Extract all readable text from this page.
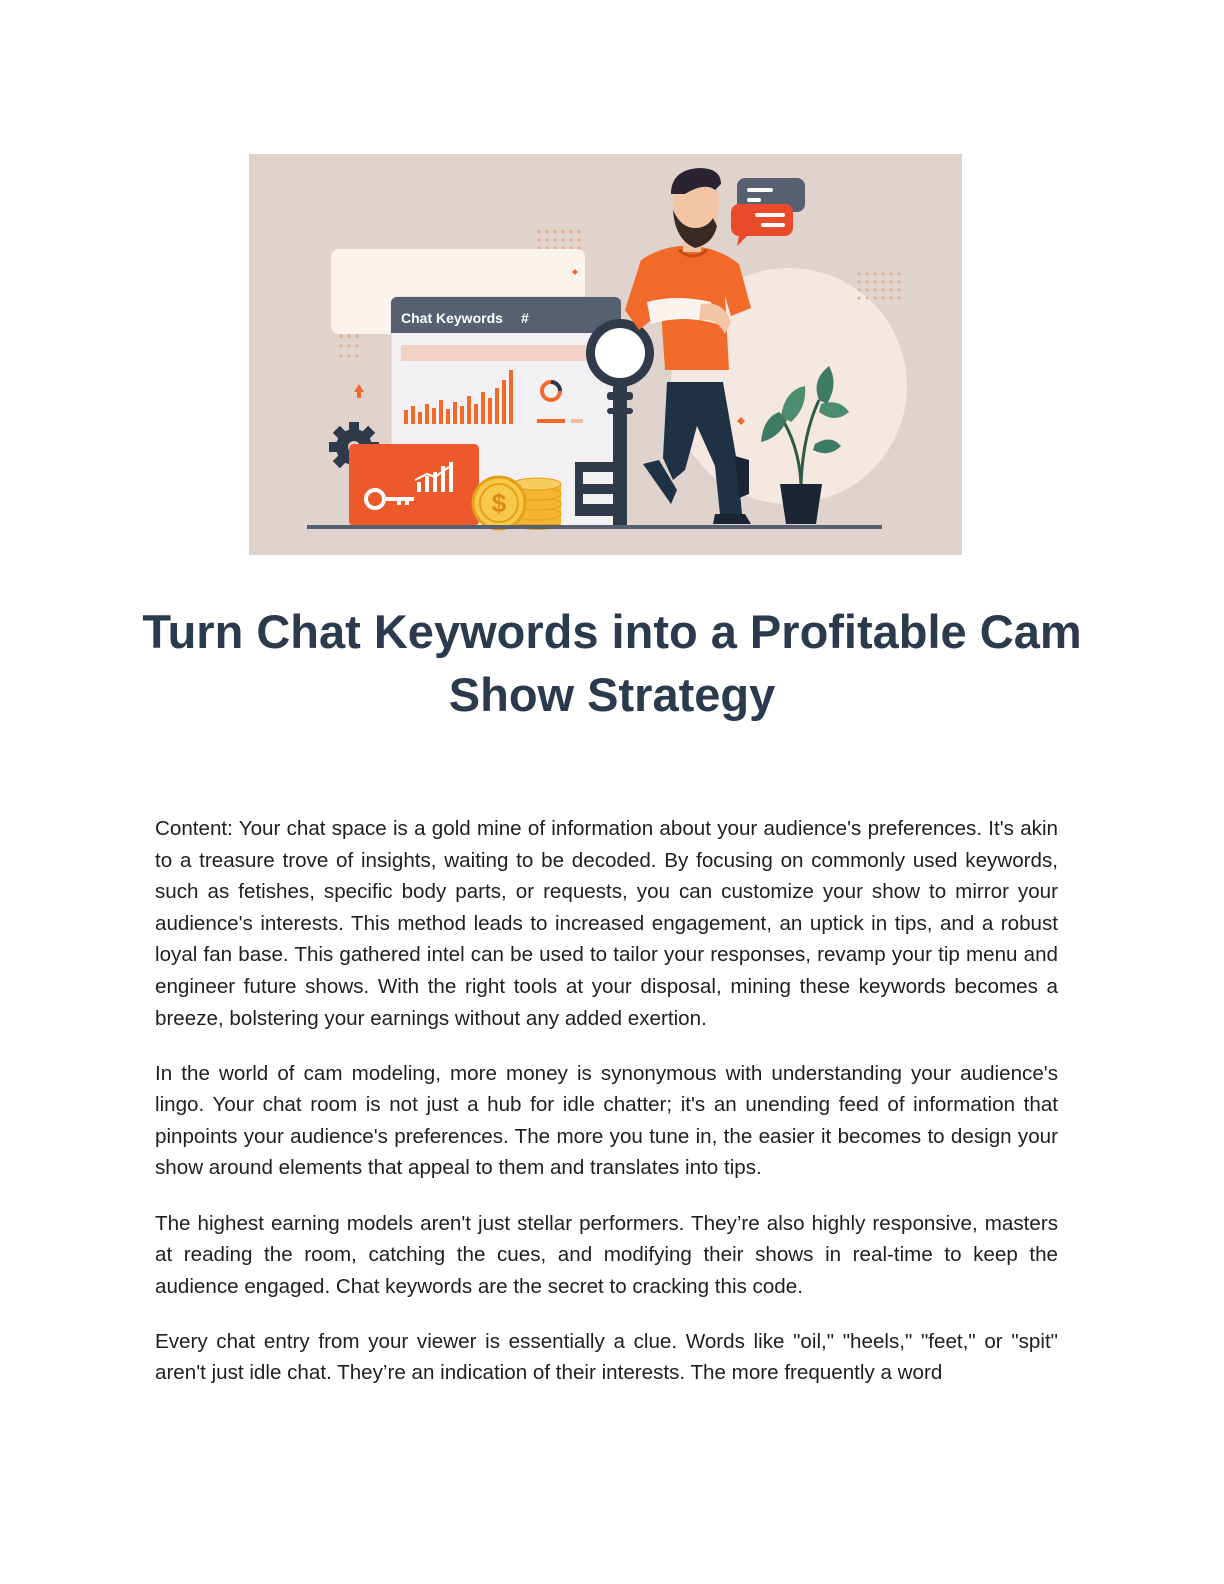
Chat Keywords #
$
Turn Chat Keywords into a Profitable Cam Show Strategy

Content: Your chat space is a gold mine of information about your audience's preferences. It's akin to a treasure trove of insights, waiting to be decoded. By focusing on commonly used keywords, such as fetishes, specific body parts, or requests, you can customize your show to mirror your audience's interests. This method leads to increased engagement, an uptick in tips, and a robust loyal fan base. This gathered intel can be used to tailor your responses, revamp your tip menu and engineer future shows. With the right tools at your disposal, mining these keywords becomes a breeze, bolstering your earnings without any added exertion.

In the world of cam modeling, more money is synonymous with understanding your audience's lingo. Your chat room is not just a hub for idle chatter; it's an unending feed of information that pinpoints your audience's preferences. The more you tune in, the easier it becomes to design your show around elements that appeal to them and translates into tips.

The highest earning models aren't just stellar performers. They’re also highly responsive, masters at reading the room, catching the cues, and modifying their shows in real-time to keep the audience engaged. Chat keywords are the secret to cracking this code.

Every chat entry from your viewer is essentially a clue. Words like "oil," "heels," "feet," or "spit" aren't just idle chat. They’re an indication of their interests. The more frequently a word
